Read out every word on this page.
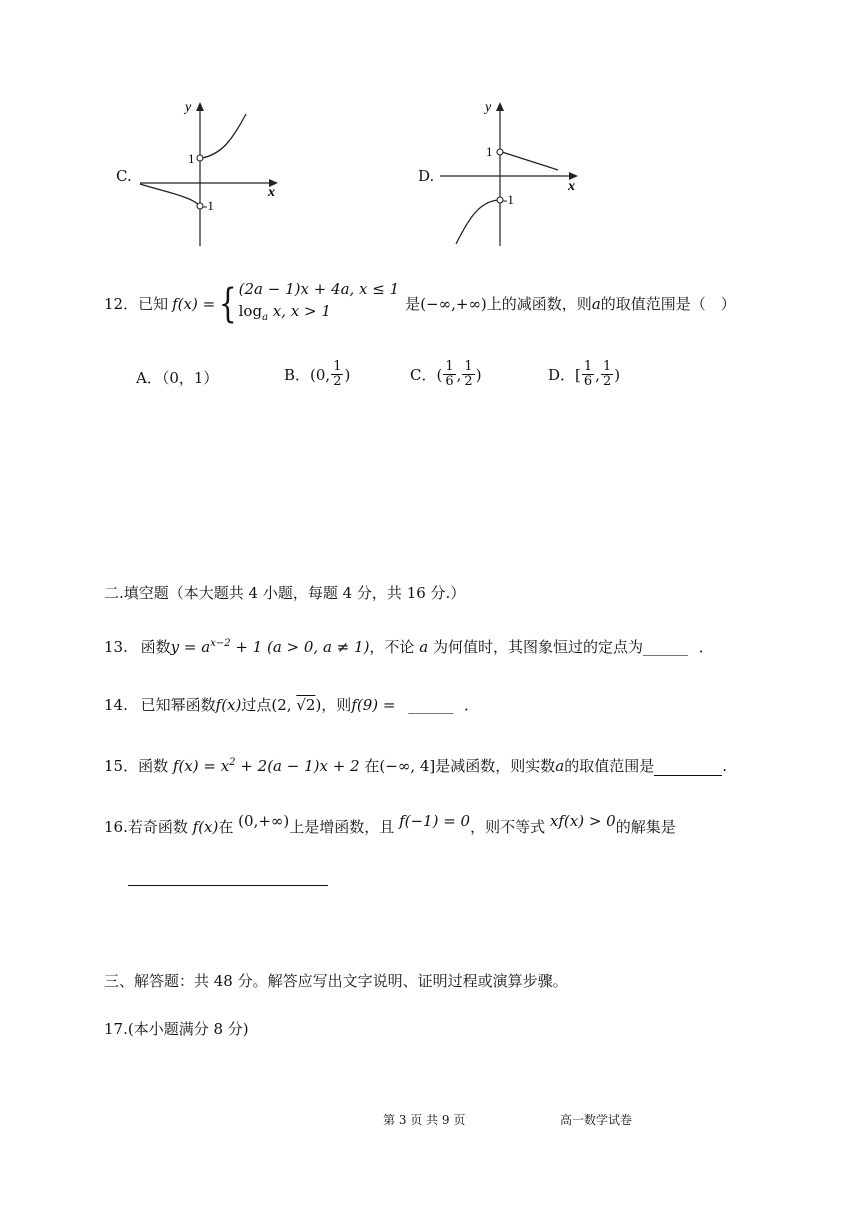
C.
y
x
1
-1
D.
y
x
1
-1
12． 已知 f(x) = { (2a − 1)x + 4a, x ≤ 1
$\log_a x$, x > 1	是 (−∞,+∞) 上的减函数，则 a 的取值范围是（　）
A．（0，1）	B． (0, $\frac{1}{2}$ )	C． ( $\frac{1}{6}$ , $\frac{1}{2}$ )	D． [ $\frac{1}{6}$ , $\frac{1}{2}$ )
二.填空题（本大题共 4 小题，每题 4 分，共 16 分.）
13. 函数$y = a^{x-2} + 1$ (a > 0, a ≠ 1)，不论 a 为何值时，其图象恒过的定点为______ ．
14. 已知幂函数f(x)过点(2, √2)，则f(9) = ______ ．
15．函数 $f(x) = x^2 + 2(a - 1)x + 2$ 在(−∞, 4]是减函数，则实数a的取值范围是	.
16.若奇函数 f(x)在 (0,+∞)上是增函数，且 f(−1) = 0，则不等式 xf(x) > 0的解集是
三、解答题：共 48 分。解答应写出文字说明、证明过程或演算步骤。
17.(本小题满分 8 分)
第 3 页 共 9 页	高一数学试卷
